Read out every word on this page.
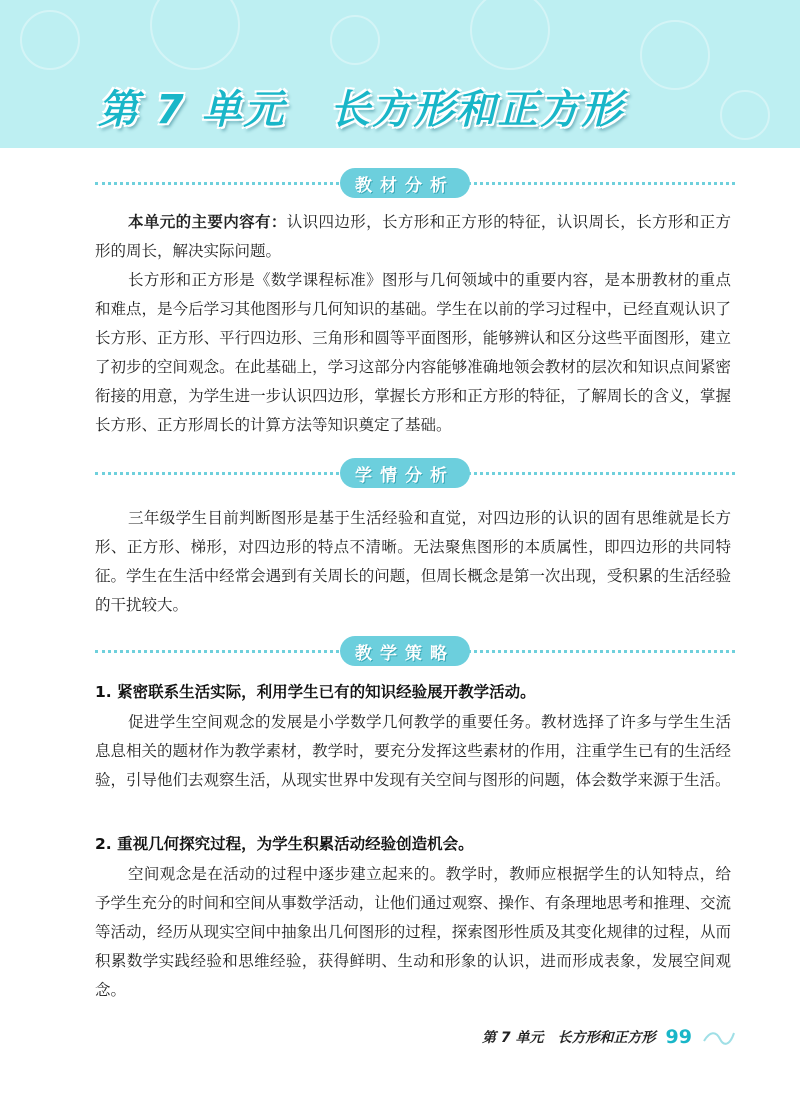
第 7 单元 长方形和正方形
教材分析
本单元的主要内容有：认识四边形，长方形和正方形的特征，认识周长，长方形和正方形的周长，解决实际问题。
长方形和正方形是《数学课程标准》图形与几何领域中的重要内容，是本册教材的重点和难点，是今后学习其他图形与几何知识的基础。学生在以前的学习过程中，已经直观认识了长方形、正方形、平行四边形、三角形和圆等平面图形，能够辨认和区分这些平面图形，建立了初步的空间观念。在此基础上，学习这部分内容能够准确地领会教材的层次和知识点间紧密衔接的用意，为学生进一步认识四边形，掌握长方形和正方形的特征，了解周长的含义，掌握长方形、正方形周长的计算方法等知识奠定了基础。
学情分析
三年级学生目前判断图形是基于生活经验和直觉，对四边形的认识的固有思维就是长方形、正方形、梯形，对四边形的特点不清晰。无法聚焦图形的本质属性，即四边形的共同特征。学生在生活中经常会遇到有关周长的问题，但周长概念是第一次出现，受积累的生活经验的干扰较大。
教学策略
1. 紧密联系生活实际，利用学生已有的知识经验展开教学活动。
促进学生空间观念的发展是小学数学几何教学的重要任务。教材选择了许多与学生生活息息相关的题材作为教学素材，教学时，要充分发挥这些素材的作用，注重学生已有的生活经验，引导他们去观察生活，从现实世界中发现有关空间与图形的问题，体会数学来源于生活。
2. 重视几何探究过程，为学生积累活动经验创造机会。
空间观念是在活动的过程中逐步建立起来的。教学时，教师应根据学生的认知特点，给予学生充分的时间和空间从事数学活动，让他们通过观察、操作、有条理地思考和推理、交流等活动，经历从现实空间中抽象出几何图形的过程，探索图形性质及其变化规律的过程，从而积累数学实践经验和思维经验，获得鲜明、生动和形象的认识，进而形成表象，发展空间观念。
第 7 单元　长方形和正方形 99
